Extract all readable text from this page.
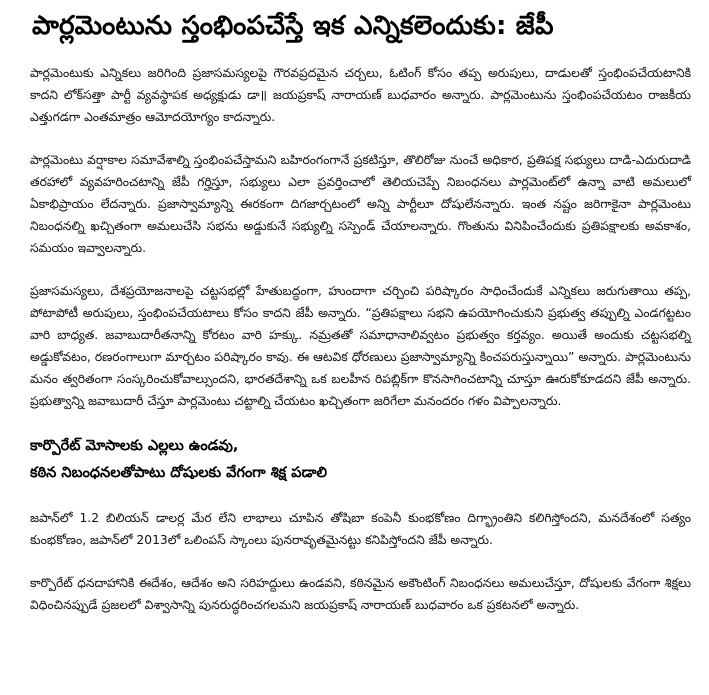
పార్లమెంటును స్తంభింపచేస్తే ఇక ఎన్నికలెందుకు: జేపీ

పార్లమెంటుకు ఎన్నికలు జరిగింది ప్రజాసమస్యలపై గౌరవప్రదమైన చర్చలు, ఓటింగ్ కోసం తప్ప అరుపులు, దాడులతో స్తంభింపచేయటానికి కాదని లోక్‌సత్తా పార్టీ వ్యవస్థాపక అధ్యక్షుడు డా॥ జయప్రకాష్ నారాయణ్ బుధవారం అన్నారు. పార్లమెంటును స్తంభింపచేయటం రాజకీయ ఎత్తుగడగా ఎంతమాత్రం ఆమోదయోగ్యం కాదన్నారు.

పార్లమెంటు వర్షాకాల సమావేశాల్ని స్తంభింపచేస్తామని బహిరంగంగానే ప్రకటిస్తూ, తొలిరోజు నుంచే అధికార, ప్రతిపక్ష సభ్యులు దాడి-ఎదురుదాడి తరహాలో వ్యవహరించటాన్ని జేపీ గర్హిస్తూ, సభ్యులు ఎలా ప్రవర్తించాలో తెలియచెప్పే నిబంధనలు పార్లమెంట్‌లో ఉన్నా వాటి అమలులో ఏకాభిప్రాయం లేదన్నారు. ప్రజాస్వామ్యాన్ని ఈరకంగా దిగజార్చటంలో అన్ని పార్టీలూ దోషులేనన్నారు. ఇంత నష్టం జరిగాకైనా పార్లమెంటు నిబంధనల్ని ఖచ్చితంగా అమలుచేసి సభను అడ్డుకునే సభ్యుల్ని సస్పెండ్ చేయాలన్నారు. గొంతును వినిపించేందుకు ప్రతిపక్షాలకు అవకాశం, సమయం ఇవ్వాలన్నారు.

ప్రజాసమస్యలు, దేశప్రయోజనాలపై చట్టసభల్లో హేతుబద్ధంగా, హుందాగా చర్చించి పరిష్కారం సాధించేందుకే ఎన్నికలు జరుగుతాయి తప్ప, పోటాపోటీ అరుపులు, స్తంభింపచేయటాలు కోసం కాదని జేపీ అన్నారు. “ప్రతిపక్షాలు సభని ఉపయోగించుకుని ప్రభుత్వ తప్పుల్ని ఎండగట్టటం వారి బాధ్యత. జవాబుదారీతనాన్ని కోరటం వారి హక్కు. నమ్రతతో సమాధానాలివ్వటం ప్రభుత్వం కర్తవ్యం. అయితే అందుకు చట్టసభల్ని అడ్డుకోవటం, రణరంగాలుగా మార్చటం పరిష్కారం కావు. ఈ ఆటవిక ధోరణులు ప్రజాస్వామ్యాన్ని కించపరుస్తున్నాయి” అన్నారు. పార్లమెంటును మనం త్వరితంగా సంస్కరించుకోవాల్సుందని, భారతదేశాన్ని ఒక బలహీన రిపబ్లిక్‌గా కొనసాగించటాన్ని చూస్తూ ఊరుకోకూడదని జేపీ అన్నారు. ప్రభుత్వాన్ని జవాబుదారీ చేస్తూ పార్లమెంటు చట్టాల్ని చేయటం ఖచ్చితంగా జరిగేలా మనందరం గళం విప్పాలన్నారు.

కార్పొరేట్ మోసాలకు ఎల్లలు ఉండవు,

కఠిన నిబంధనలతోపాటు దోషులకు వేగంగా శిక్ష పడాలి

జపాన్‌లో 1.2 బిలియన్ డాలర్ల మేర లేని లాభాలు చూపిన తోషిబా కంపెనీ కుంభకోణం దిగ్భ్రాంతిని కలిగిస్తోందని, మనదేశంలో సత్యం కుంభకోణం, జపాన్‌లో 2013లో ఒలింపస్ స్కాంలు పునరావృతమైనట్టు కనిపిస్తోందని జేపీ అన్నారు.

కార్పొరేట్ ధనదాహానికి ఈదేశం, ఆదేశం అని సరిహద్దులు ఉండవని, కఠినమైన అకౌంటింగ్ నిబంధనలు అమలుచేస్తూ, దోషులకు వేగంగా శిక్షలు విధించినప్పుడే ప్రజలలో విశ్వాసాన్ని పునరుద్ధరించగలమని జయప్రకాష్ నారాయణ్ బుధవారం ఒక ప్రకటనలో అన్నారు.
